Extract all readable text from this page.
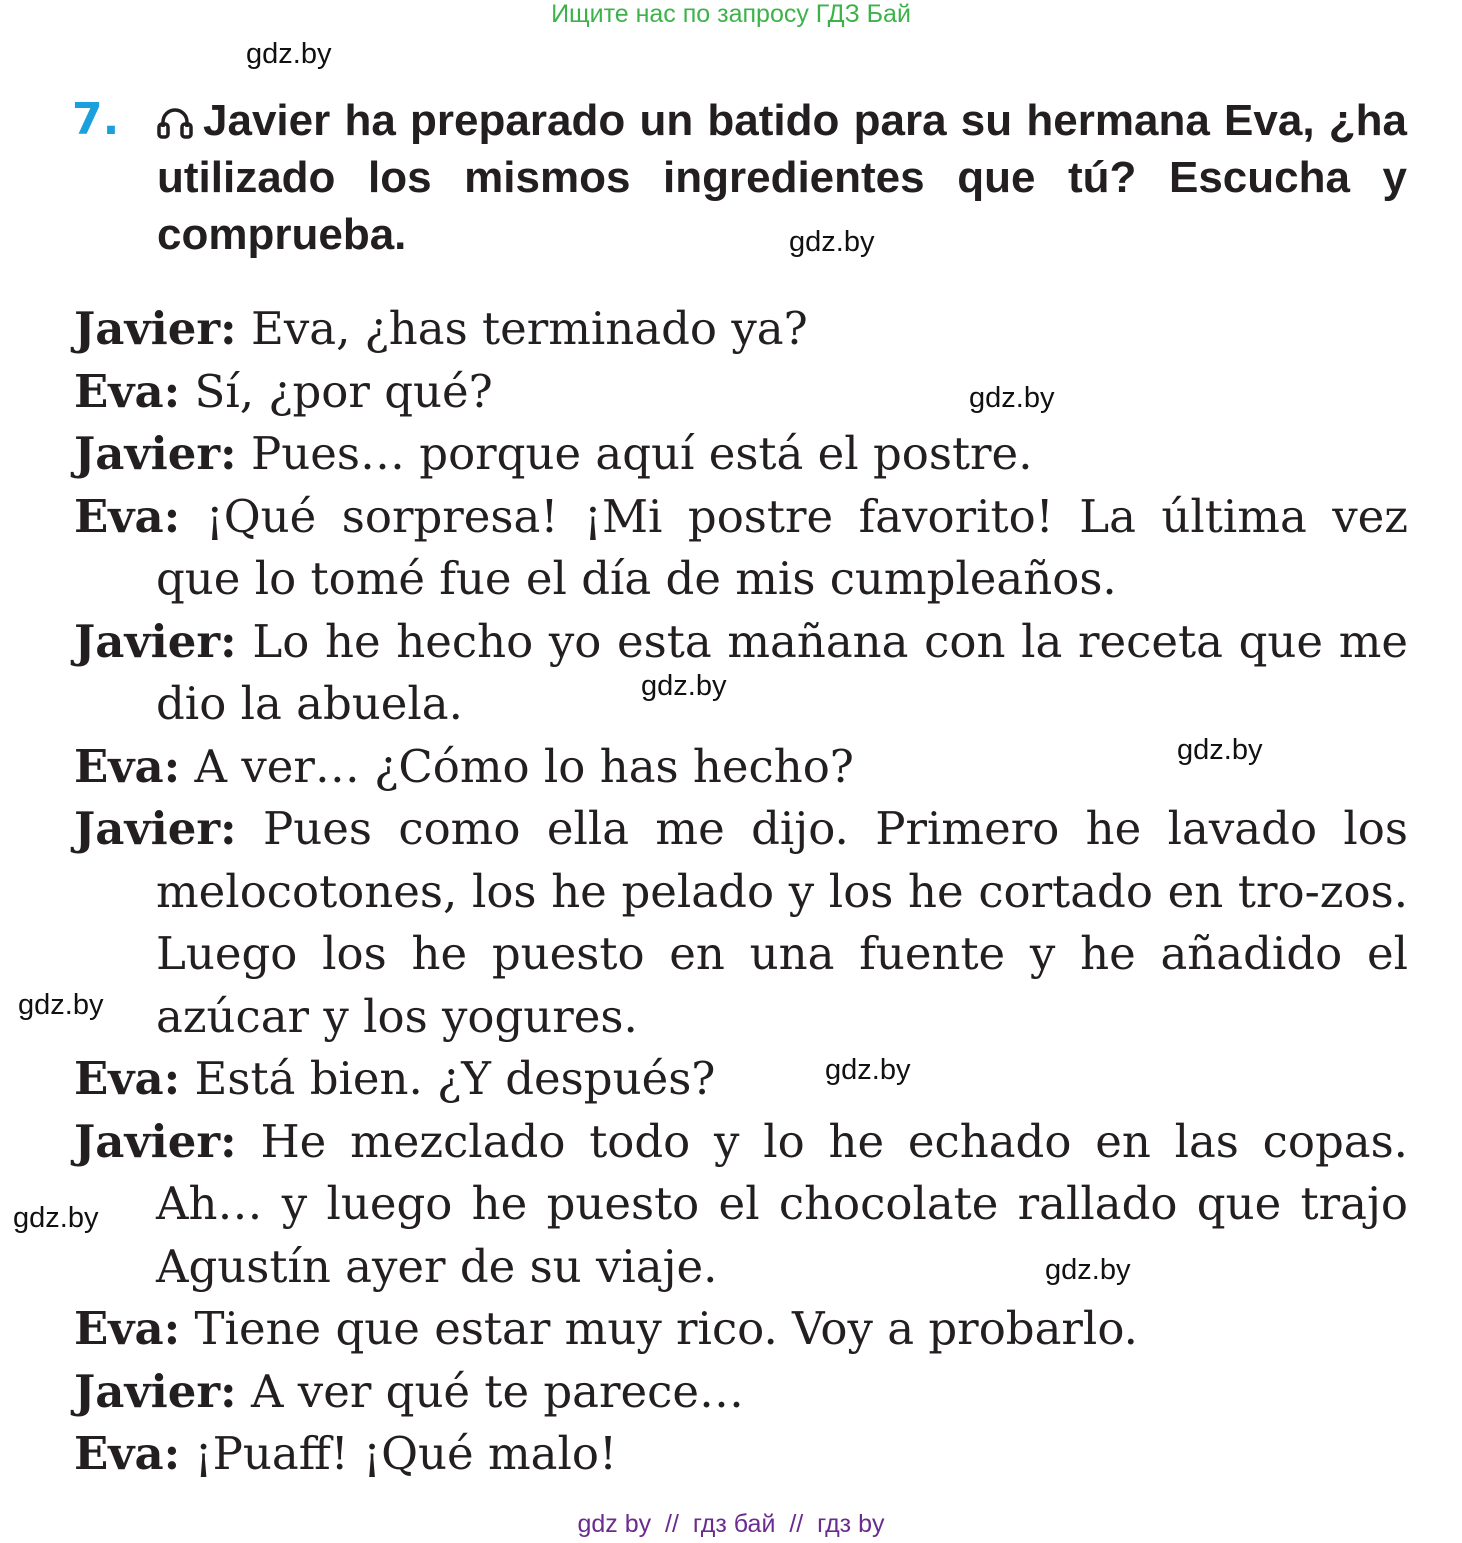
Ищите нас по запросу ГДЗ Бай
gdz.by
gdz.by
gdz.by
gdz.by
gdz.by
gdz.by
gdz.by
gdz.by
gdz.by
7.	Javier ha preparado un batido para su hermana Eva, ¿ha utilizado los mismos ingredientes que tú? Escucha y comprueba.

Javier: Eva, ¿has terminado ya?

Eva: Sí, ¿por qué?

Javier: Pues… porque aquí está el postre.

Eva: ¡Qué sorpresa! ¡Mi postre favorito! La última vez que lo tomé fue el día de mis cumpleaños.

Javier: Lo he hecho yo esta mañana con la receta que me dio la abuela.

Eva: A ver… ¿Cómo lo has hecho?

Javier: Pues como ella me dijo. Primero he lavado los melocotones, los he pelado y los he cortado en tro-zos. Luego los he puesto en una fuente y he añadido el azúcar y los yogures.

Eva: Está bien. ¿Y después?

Javier: He mezclado todo y lo he echado en las copas. Ah… y luego he puesto el chocolate rallado que trajo Agustín ayer de su viaje.

Eva: Tiene que estar muy rico. Voy a probarlo.

Javier: A ver qué te parece…

Eva: ¡Puaff! ¡Qué malo!

gdz by  //  гдз бай  //  гдз by
